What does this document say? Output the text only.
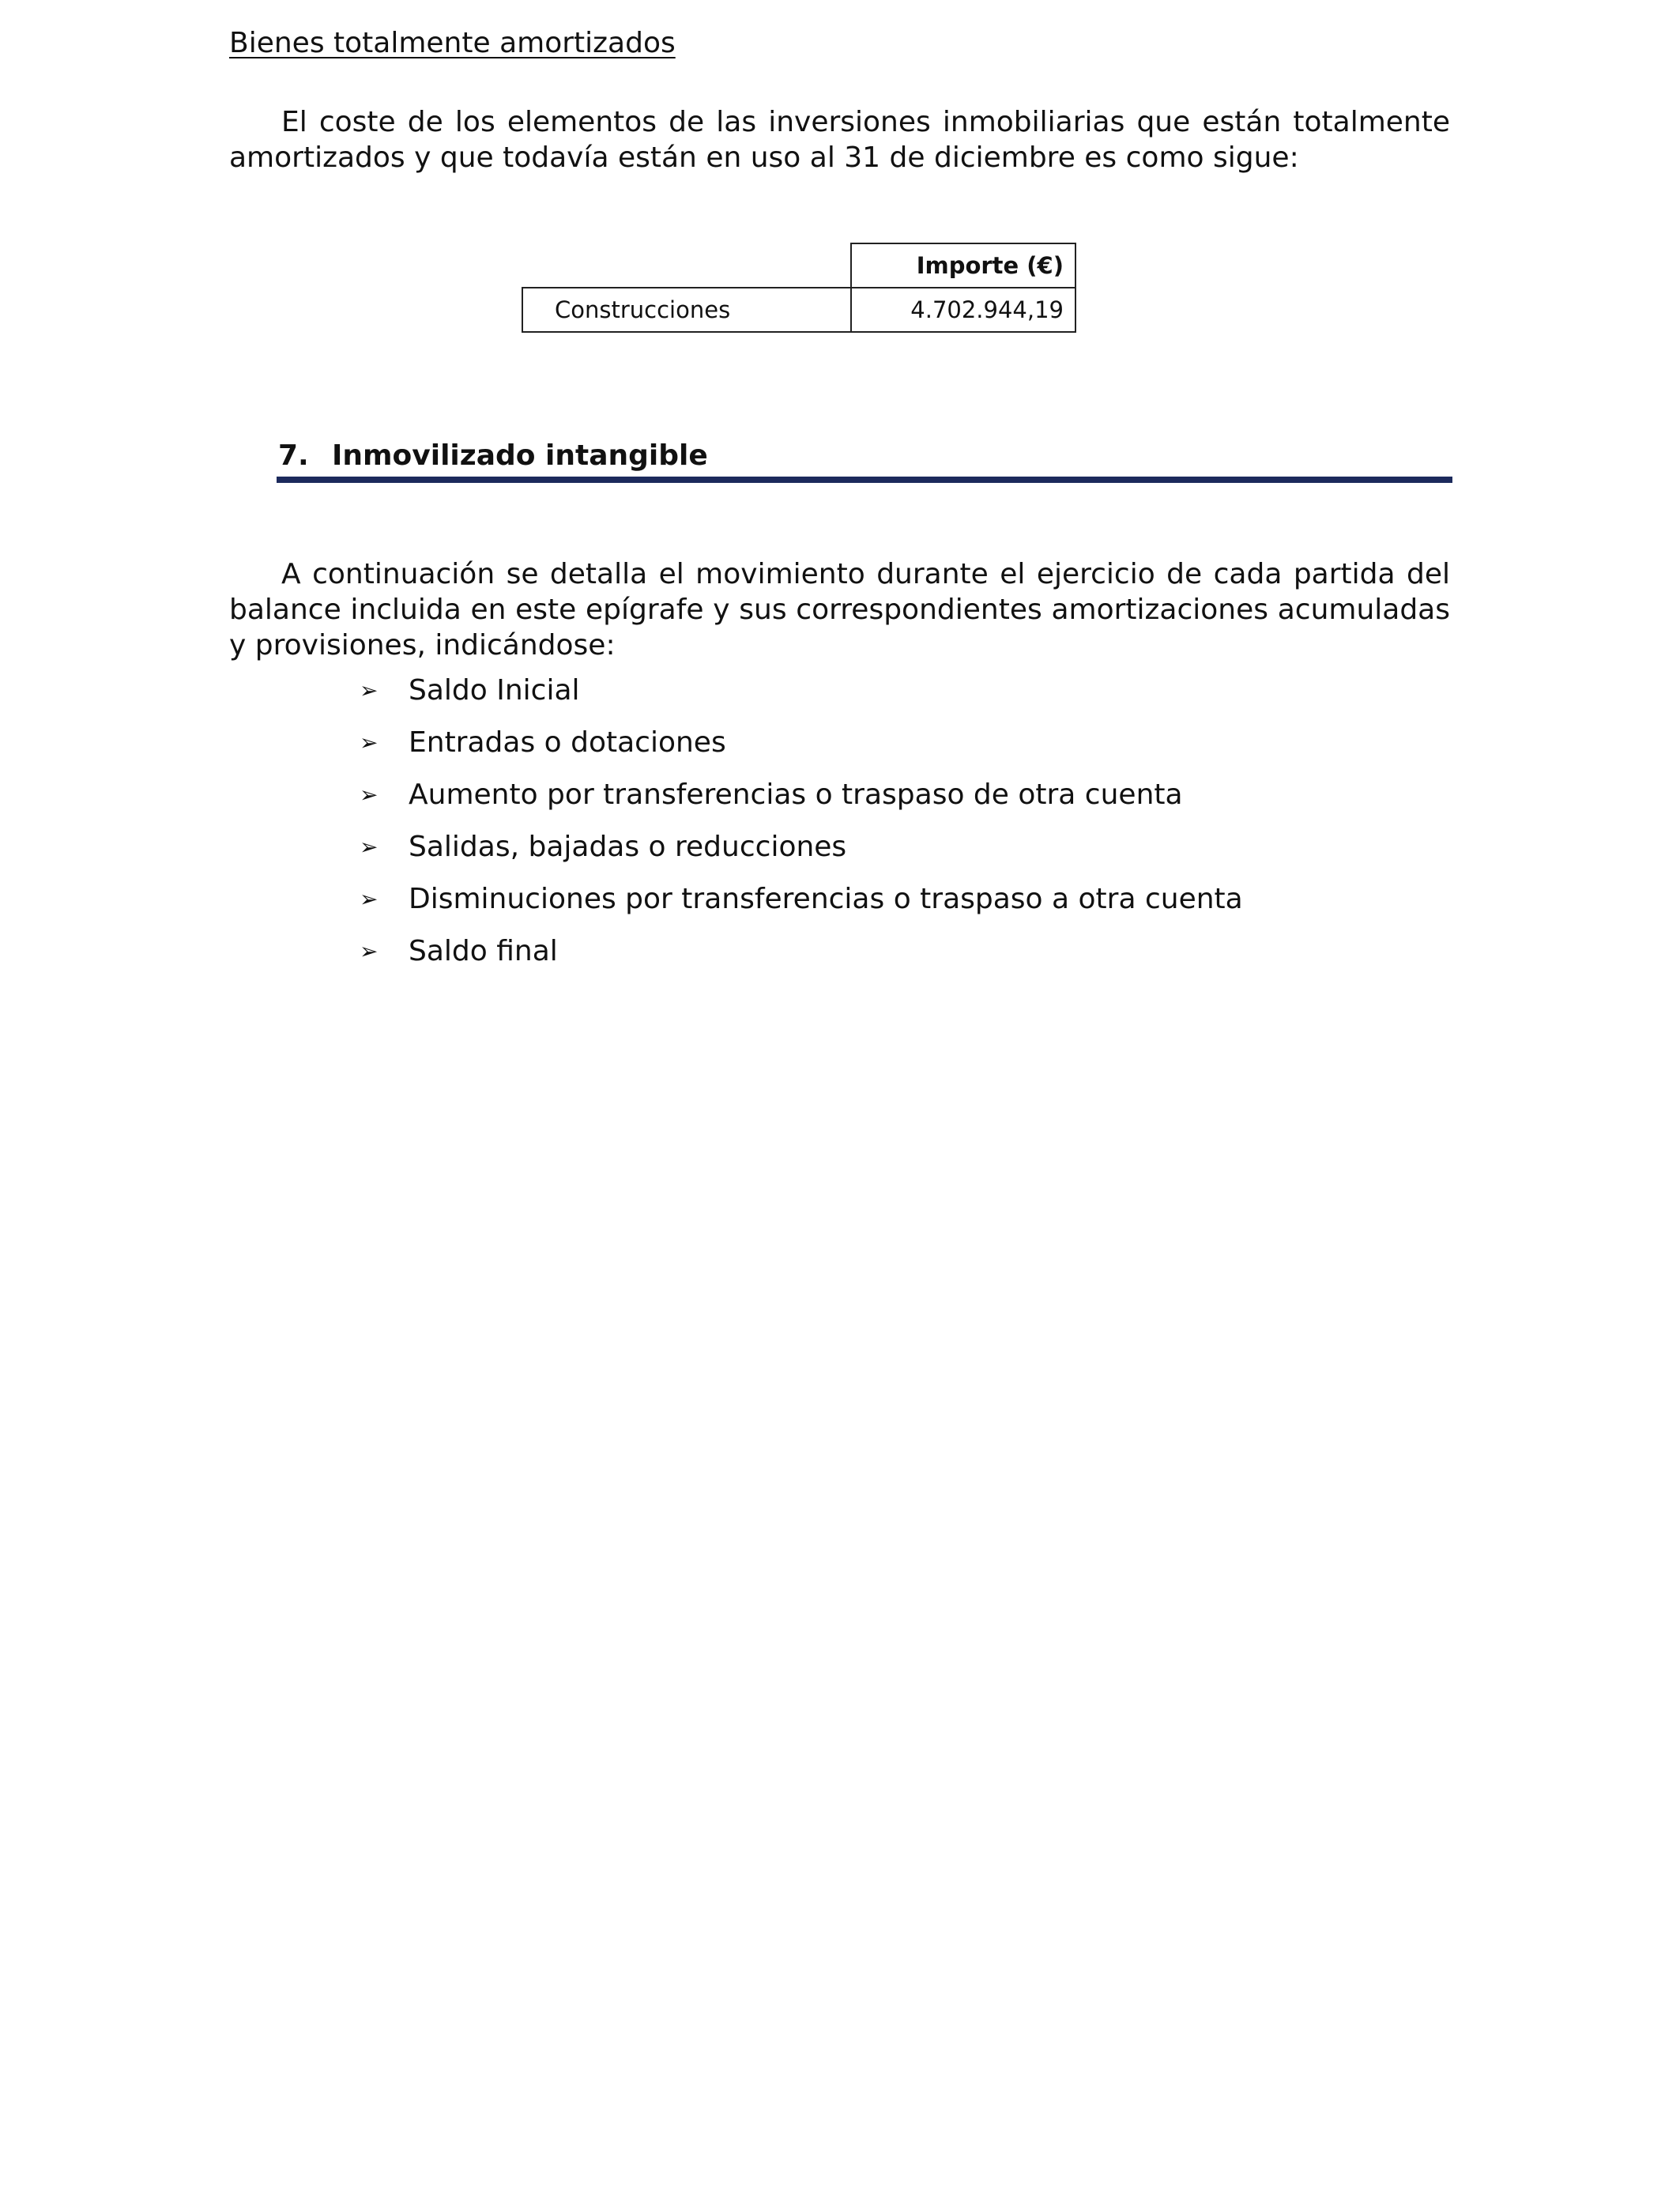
Bienes totalmente amortizados

El coste de los elementos de las inversiones inmobiliarias que están totalmente amortizados y que todavía están en uso al 31 de diciembre es como sigue:

	Importe (€)
Construcciones	4.702.944,19
7. Inmovilizado intangible

A continuación se detalla el movimiento durante el ejercicio de cada partida del balance incluida en este epígrafe y sus correspondientes amortizaciones acumuladas y provisiones, indicándose:

➢	Saldo Inicial
➢	Entradas o dotaciones
➢	Aumento por transferencias o traspaso de otra cuenta
➢	Salidas, bajadas o reducciones
➢	Disminuciones por transferencias o traspaso a otra cuenta
➢	Saldo final
